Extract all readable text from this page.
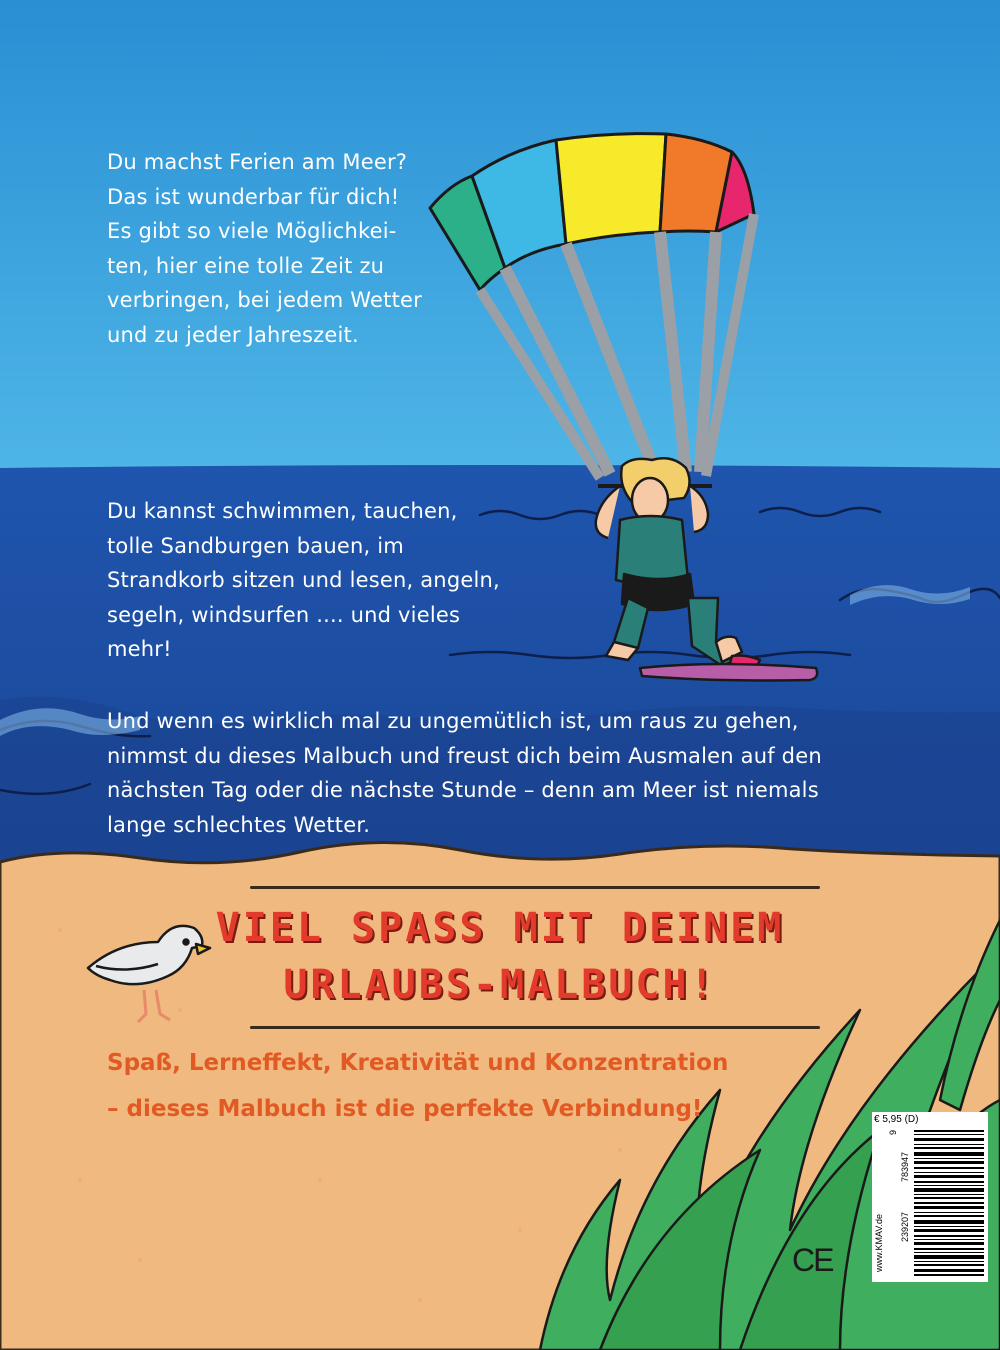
Du machst Ferien am Meer?
Das ist wunderbar für dich!
Es gibt so viele Möglichkei-
ten, hier eine tolle Zeit zu
verbringen, bei jedem Wetter
und zu jeder Jahreszeit.
Du kannst schwimmen, tauchen,
tolle Sandburgen bauen, im
Strandkorb sitzen und lesen, angeln,
segeln, windsurfen .... und vieles
mehr!
Und wenn es wirklich mal zu ungemütlich ist, um raus zu gehen,
nimmst du dieses Malbuch und freust dich beim Ausmalen auf den
nächsten Tag oder die nächste Stunde – denn am Meer ist niemals
lange schlechtes Wetter.
VIEL SPASS MIT DEINEM
URLAUBS-MALBUCH!
Spaß, Lerneffekt, Kreativität und Konzentration
– dieses Malbuch ist die perfekte Verbindung!	€ 5,95 (D)
www.KMAV.de
9
783947
239207
CE
